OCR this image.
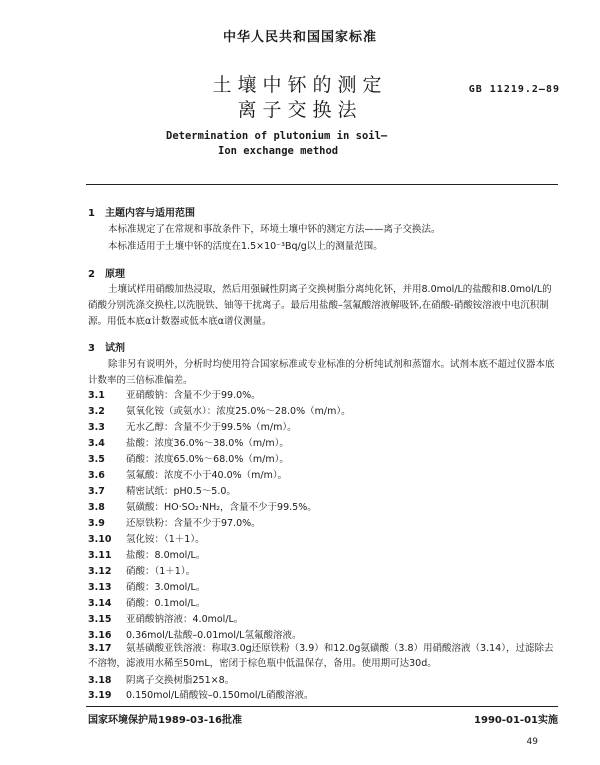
中华人民共和国国家标准
土壤中钚的测定
离子交换法
GB 11219.2—89
Determination of plutonium in soil—
Ion exchange method
1　主题内容与适用范围
本标准规定了在常规和事故条件下，环境土壤中钚的测定方法——离子交换法。
本标准适用于土壤中钚的活度在1.5×10⁻³Bq/g以上的测量范围。
2　原理
土壤试样用硝酸加热浸取，然后用强碱性阴离子交换树脂分离纯化钚，并用8.0mol/L的盐酸和8.0mol/L的硝酸分别洗涤交换柱,以洗脱铁、铀等干扰离子。最后用盐酸–氢氟酸溶液解吸钚,在硝酸-硝酸铵溶液中电沉积制源。用低本底α计数器或低本底α谱仪测量。
3　试剂
除非另有说明外，分析时均使用符合国家标准或专业标准的分析纯试剂和蒸馏水。试剂本底不超过仪器本底计数率的三倍标准偏差。
3.1 亚硝酸钠：含量不少于99.0%。
3.2 氨氧化铵（或氨水）：浓度25.0%～28.0%（m/m）。
3.3 无水乙醇：含量不少于99.5%（m/m）。
3.4 盐酸：浓度36.0%～38.0%（m/m）。
3.5 硝酸：浓度65.0%～68.0%（m/m）。
3.6 氢氟酸：浓度不小于40.0%（m/m）。
3.7 精密试纸：pH0.5～5.0。
3.8 氨磺酸：HO·SO₂·NH₂，含量不少于99.5%。
3.9 还原铁粉：含量不少于97.0%。
3.10 氢化铵：（1＋1）。
3.11 盐酸：8.0mol/L。
3.12 硝酸：（1＋1）。
3.13 硝酸：3.0mol/L。
3.14 硝酸：0.1mol/L。
3.15 亚硝酸钠溶液：4.0mol/L。
3.16 0.36mol/L盐酸–0.01mol/L氢氟酸溶液。
3.17 氨基磺酸亚铁溶液：称取3.0g还原铁粉（3.9）和12.0g氨磺酸（3.8）用硝酸溶液（3.14），过滤除去不溶物，滤液用水稀至50mL，密闭于棕色瓶中低温保存，备用。使用期可达30d。
3.18 阴离子交换树脂251×8。
国家环境保护局1989-03-16批准	1990-01-01实施
49
3.19 0.150mol/L硝酸铵–0.150mol/L硝酸溶液。
